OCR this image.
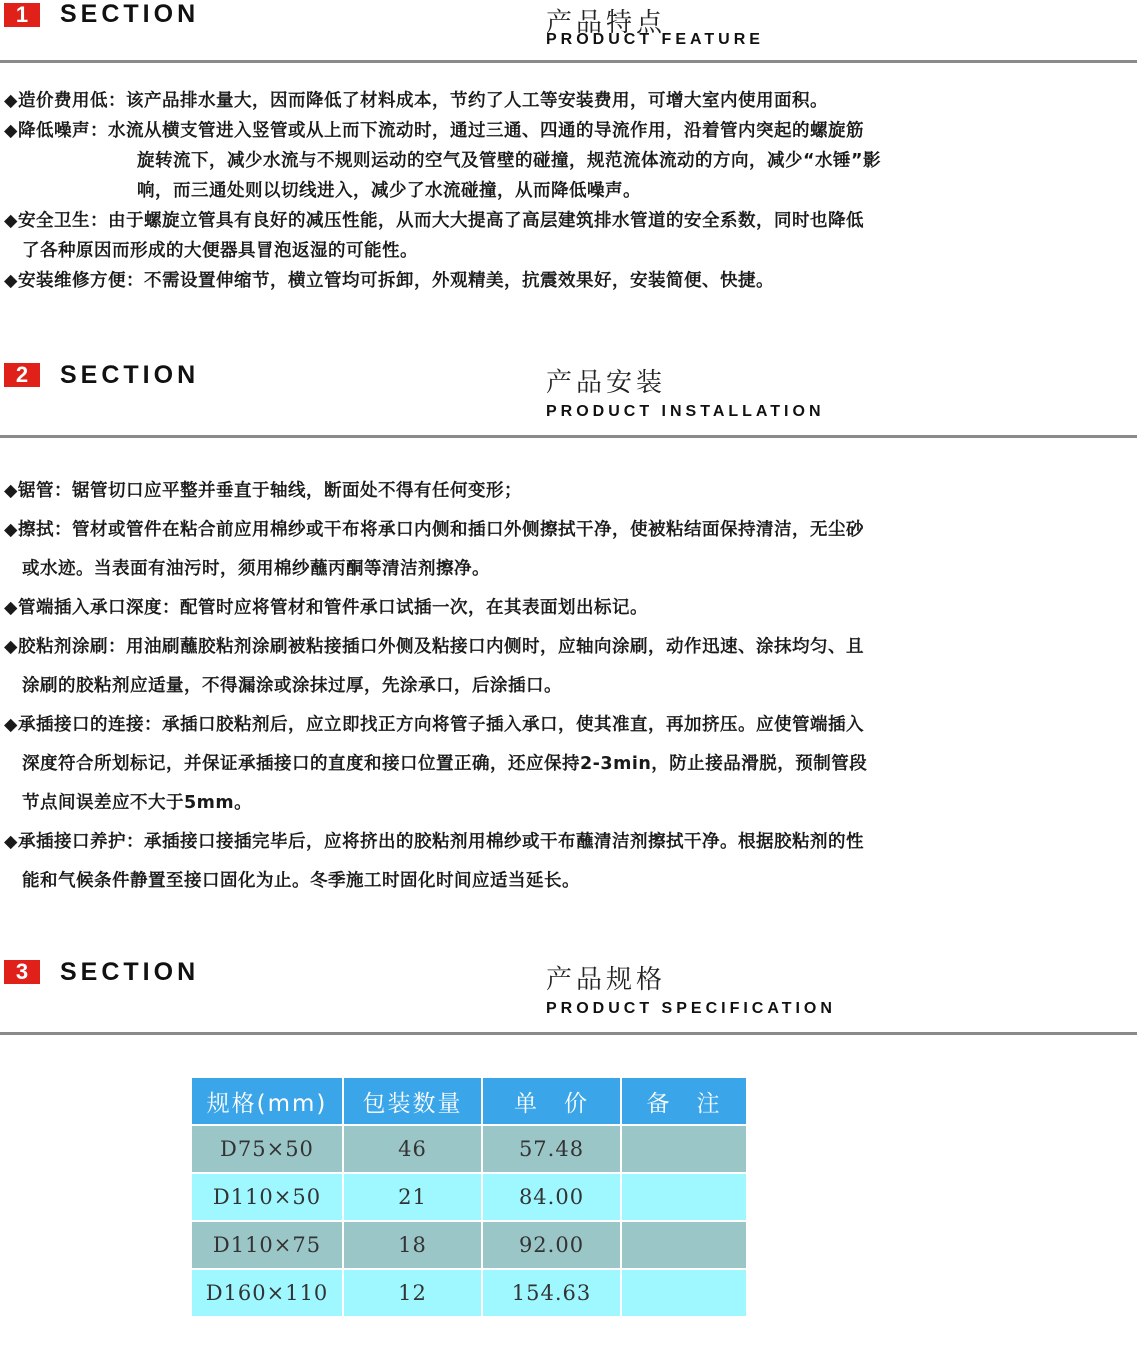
1	SECTION	产品特点
PRODUCT FEATURE
◆造价费用低：该产品排水量大，因而降低了材料成本，节约了人工等安装费用，可增大室内使用面积。
◆降低噪声：水流从横支管进入竖管或从上而下流动时，通过三通、四通的导流作用，沿着管内突起的螺旋筋
旋转流下，减少水流与不规则运动的空气及管壁的碰撞，规范流体流动的方向，减少“水锤”影
响，而三通处则以切线进入，减少了水流碰撞，从而降低噪声。
◆安全卫生：由于螺旋立管具有良好的减压性能，从而大大提高了高层建筑排水管道的安全系数，同时也降低
了各种原因而形成的大便器具冒泡返湿的可能性。
◆安装维修方便：不需设置伸缩节，横立管均可拆卸，外观精美，抗震效果好，安装简便、快捷。
2	SECTION	产品安装
PRODUCT INSTALLATION
◆锯管：锯管切口应平整并垂直于轴线，断面处不得有任何变形；
◆擦拭：管材或管件在粘合前应用棉纱或干布将承口内侧和插口外侧擦拭干净，使被粘结面保持清洁，无尘砂
或水迹。当表面有油污时，须用棉纱蘸丙酮等清洁剂擦净。
◆管端插入承口深度：配管时应将管材和管件承口试插一次，在其表面划出标记。
◆胶粘剂涂刷：用油刷蘸胶粘剂涂刷被粘接插口外侧及粘接口内侧时，应轴向涂刷，动作迅速、涂抹均匀、且
涂刷的胶粘剂应适量，不得漏涂或涂抹过厚，先涂承口，后涂插口。
◆承插接口的连接：承插口胶粘剂后，应立即找正方向将管子插入承口，使其准直，再加挤压。应使管端插入
深度符合所划标记，并保证承插接口的直度和接口位置正确，还应保持2-3min，防止接品滑脱，预制管段
节点间误差应不大于5mm。
◆承插接口养护：承插接口接插完毕后，应将挤出的胶粘剂用棉纱或干布蘸清洁剂擦拭干净。根据胶粘剂的性
能和气候条件静置至接口固化为止。冬季施工时固化时间应适当延长。
3	SECTION	产品规格
PRODUCT SPECIFICATION
规格(mm)	包装数量	单　价	备　注
D75×50	46	57.48	
D110×50	21	84.00	
D110×75	18	92.00	
D160×110	12	154.63	
